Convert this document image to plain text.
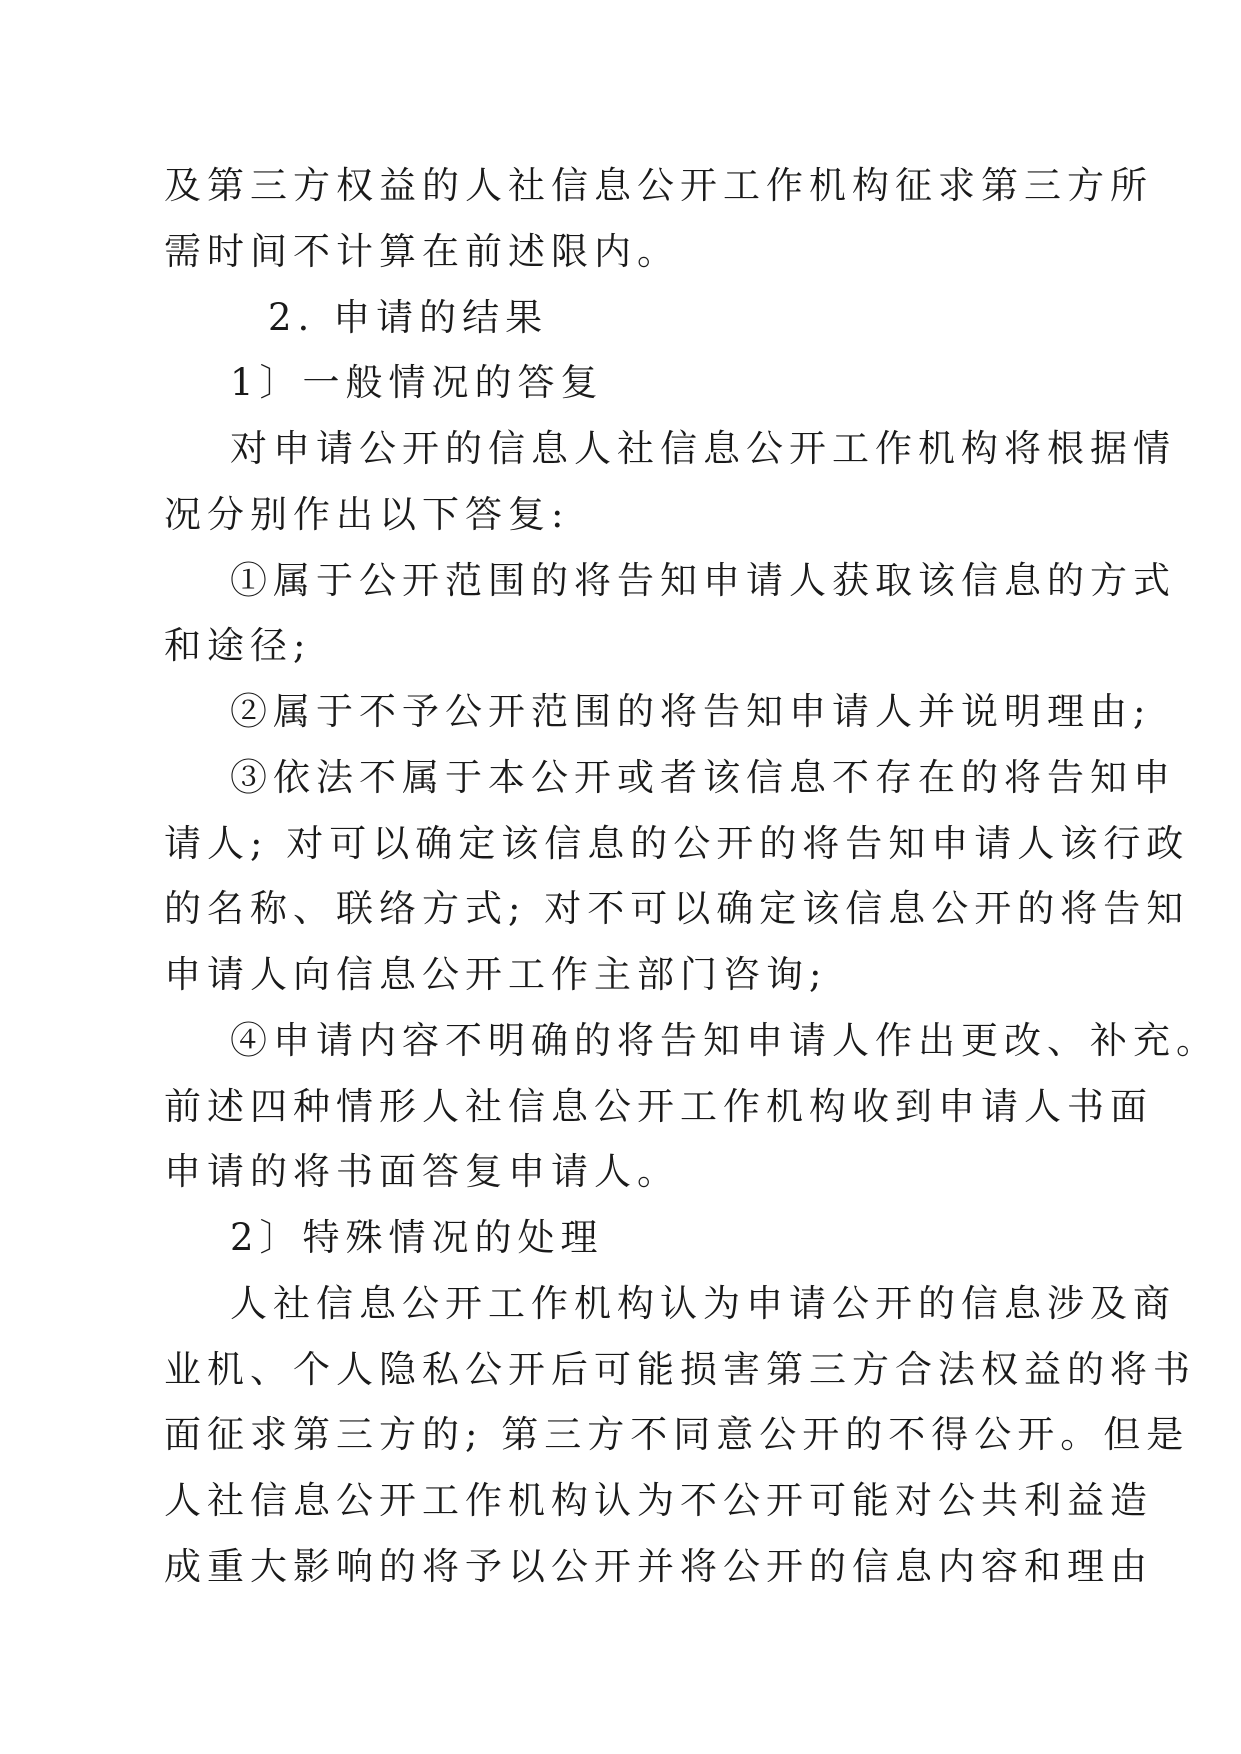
及第三方权益的人社信息公开工作机构征求第三方所

需时间不计算在前述限内。

2. 申请的结果

1〕一般情况的答复

对申请公开的信息人社信息公开工作机构将根据情

况分别作出以下答复:

①属于公开范围的将告知申请人获取该信息的方式

和途径;

②属于不予公开范围的将告知申请人并说明理由;

③依法不属于本公开或者该信息不存在的将告知申

请人; 对可以确定该信息的公开的将告知申请人该行政

的名称、联络方式; 对不可以确定该信息公开的将告知

申请人向信息公开工作主部门咨询;

④申请内容不明确的将告知申请人作出更改、补充。

前述四种情形人社信息公开工作机构收到申请人书面

申请的将书面答复申请人。

2〕特殊情况的处理

人社信息公开工作机构认为申请公开的信息涉及商

业机、个人隐私公开后可能损害第三方合法权益的将书

面征求第三方的; 第三方不同意公开的不得公开。但是

人社信息公开工作机构认为不公开可能对公共利益造

成重大影响的将予以公开并将公开的信息内容和理由
